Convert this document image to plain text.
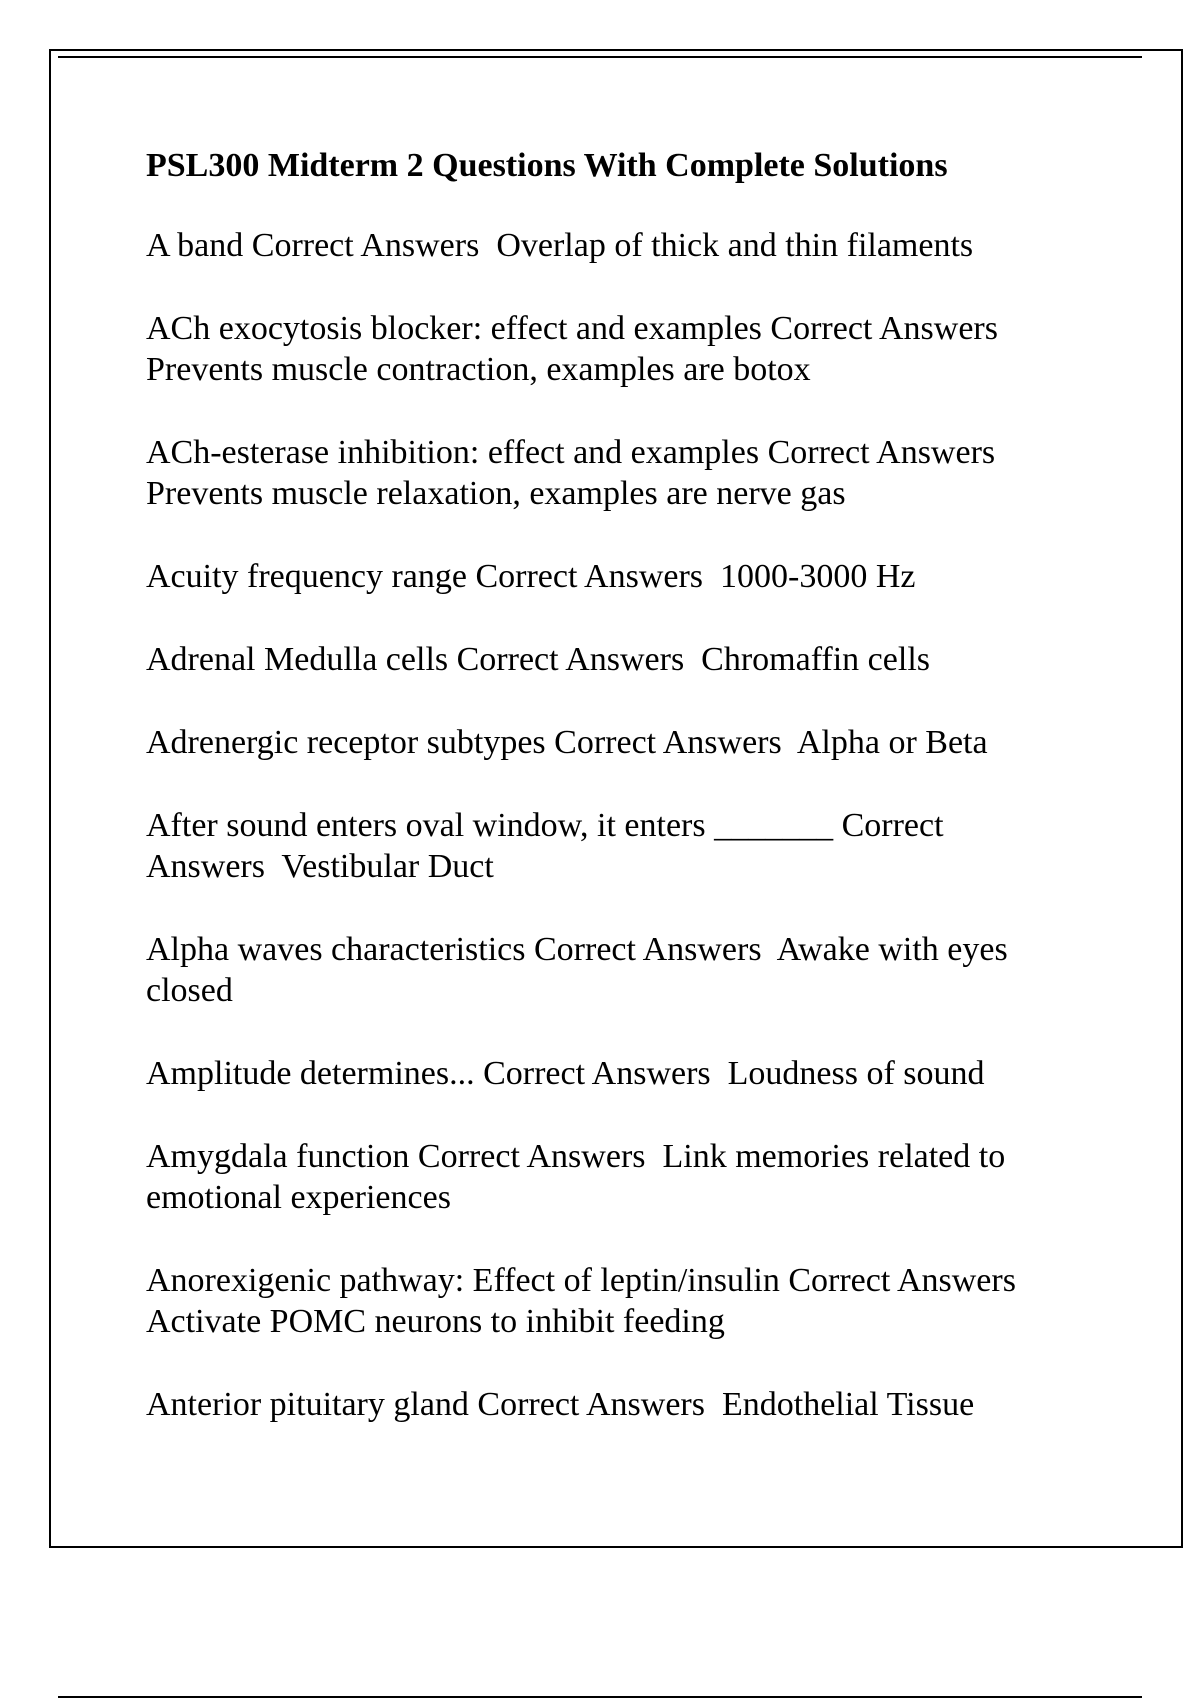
PSL300 Midterm 2 Questions With Complete Solutions
A band Correct Answers  Overlap of thick and thin filaments
ACh exocytosis blocker: effect and examples Correct Answers
Prevents muscle contraction, examples are botox
ACh-esterase inhibition: effect and examples Correct Answers
Prevents muscle relaxation, examples are nerve gas
Acuity frequency range Correct Answers  1000-3000 Hz
Adrenal Medulla cells Correct Answers  Chromaffin cells
Adrenergic receptor subtypes Correct Answers  Alpha or Beta
After sound enters oval window, it enters _______ Correct
Answers  Vestibular Duct
Alpha waves characteristics Correct Answers  Awake with eyes
closed
Amplitude determines... Correct Answers  Loudness of sound
Amygdala function Correct Answers  Link memories related to
emotional experiences
Anorexigenic pathway: Effect of leptin/insulin Correct Answers
Activate POMC neurons to inhibit feeding
Anterior pituitary gland Correct Answers  Endothelial Tissue
